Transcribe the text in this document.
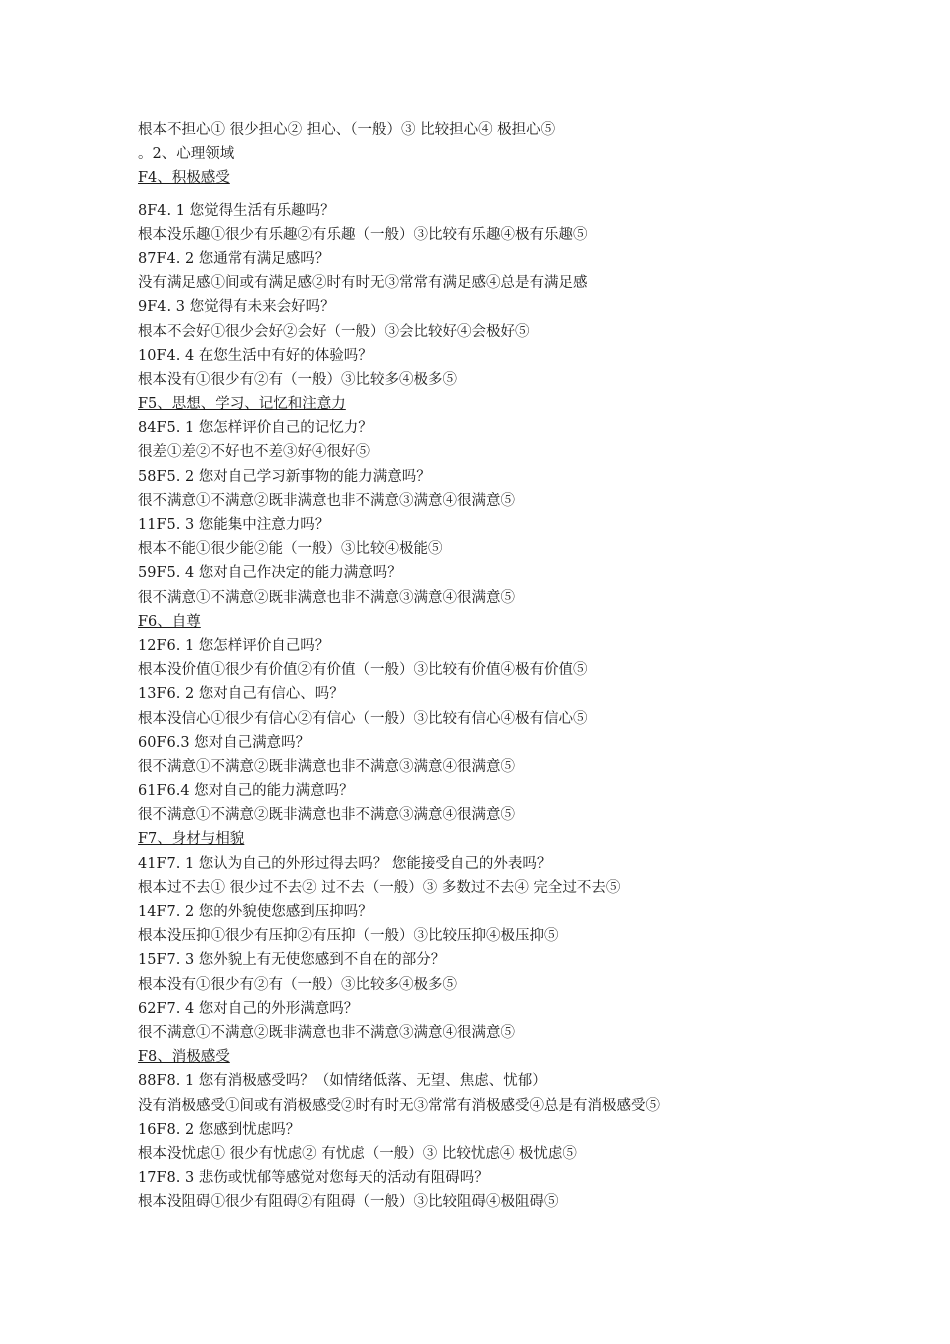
根本不担心① 很少担心② 担心、（一般）③ 比较担心④ 极担心⑤
。2、心理领域
F4、积极感受
8F4. 1 您觉得生活有乐趣吗？
根本没乐趣①很少有乐趣②有乐趣（一般）③比较有乐趣④极有乐趣⑤
87F4. 2 您通常有满足感吗？
没有满足感①间或有满足感②时有时无③常常有满足感④总是有满足感
9F4. 3 您觉得有未来会好吗？
根本不会好①很少会好②会好（一般）③会比较好④会极好⑤
10F4. 4 在您生活中有好的体验吗？
根本没有①很少有②有（一般）③比较多④极多⑤
F5、思想、学习、记忆和注意力
84F5. 1 您怎样评价自己的记忆力？
很差①差②不好也不差③好④很好⑤
58F5. 2 您对自己学习新事物的能力满意吗？
很不满意①不满意②既非满意也非不满意③满意④很满意⑤
11F5. 3 您能集中注意力吗？
根本不能①很少能②能（一般）③比较④极能⑤
59F5. 4 您对自己作决定的能力满意吗？
很不满意①不满意②既非满意也非不满意③满意④很满意⑤
F6、自尊
12F6. 1 您怎样评价自己吗？
根本没价值①很少有价值②有价值（一般）③比较有价值④极有价值⑤
13F6. 2 您对自己有信心、吗？
根本没信心①很少有信心②有信心（一般）③比较有信心④极有信心⑤
60F6.3 您对自己满意吗？
很不满意①不满意②既非满意也非不满意③满意④很满意⑤
61F6.4 您对自己的能力满意吗？
很不满意①不满意②既非满意也非不满意③满意④很满意⑤
F7、身材与相貌
41F7. 1 您认为自己的外形过得去吗？ 您能接受自己的外表吗？
根本过不去① 很少过不去② 过不去（一般）③ 多数过不去④ 完全过不去⑤
14F7. 2 您的外貌使您感到压抑吗？
根本没压抑①很少有压抑②有压抑（一般）③比较压抑④极压抑⑤
15F7. 3 您外貌上有无使您感到不自在的部分？
根本没有①很少有②有（一般）③比较多④极多⑤
62F7. 4 您对自己的外形满意吗？
很不满意①不满意②既非满意也非不满意③满意④很满意⑤
F8、消极感受
88F8. 1 您有消极感受吗？（如情绪低落、无望、焦虑、忧郁）
没有消极感受①间或有消极感受②时有时无③常常有消极感受④总是有消极感受⑤
16F8. 2 您感到忧虑吗？
根本没忧虑① 很少有忧虑② 有忧虑（一般）③ 比较忧虑④ 极忧虑⑤
17F8. 3 悲伤或忧郁等感觉对您每天的活动有阻碍吗？
根本没阻碍①很少有阻碍②有阻碍（一般）③比较阻碍④极阻碍⑤
